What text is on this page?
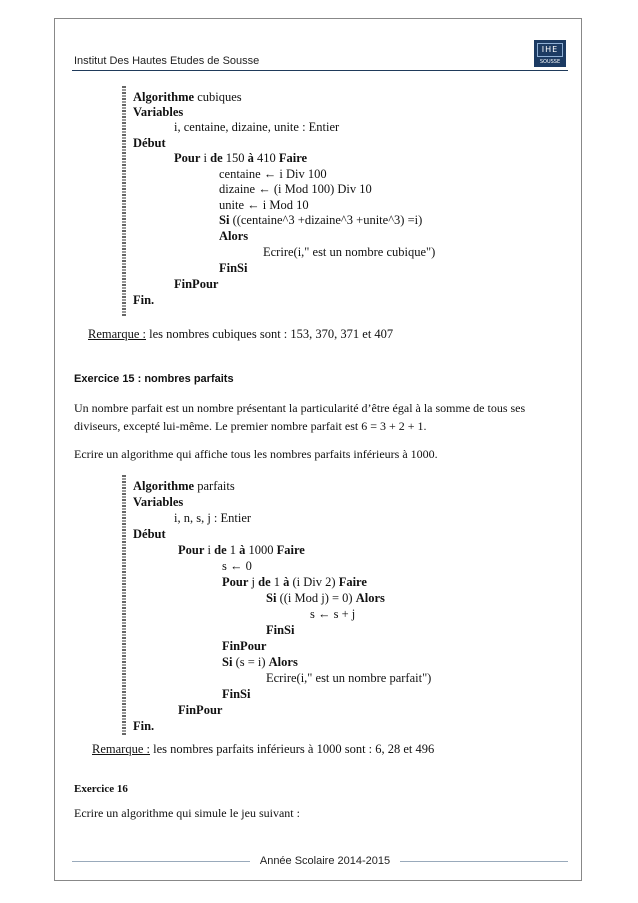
Institut Des Hautes Etudes de Sousse
IHE
SOUSSE
Algorithme cubiques
Variables
i, centaine, dizaine, unite : Entier
Début
Pour i de 150 à 410 Faire
centaine ← i Div 100
dizaine ← (i Mod 100) Div 10
unite ← i Mod 10
Si ((centaine^3 +dizaine^3 +unite^3) =i)
Alors
Ecrire(i," est un nombre cubique")
FinSi
FinPour
Fin.
Remarque : les nombres cubiques sont : 153, 370, 371 et 407
Exercice 15 : nombres parfaits
Un nombre parfait est un nombre présentant la particularité d’être égal à la somme de tous ses diviseurs, excepté lui-même. Le premier nombre parfait est 6 = 3 + 2 + 1.
Ecrire un algorithme qui affiche tous les nombres parfaits inférieurs à 1000.
Algorithme parfaits
Variables
i, n, s, j : Entier
Début
Pour i de 1 à 1000 Faire
s ← 0
Pour j de 1 à (i Div 2) Faire
Si ((i Mod j) = 0) Alors
s ← s + j
FinSi
FinPour
Si (s = i) Alors
Ecrire(i," est un nombre parfait")
FinSi
FinPour
Fin.
Remarque : les nombres parfaits inférieurs à 1000 sont : 6, 28 et 496
Exercice 16
Ecrire un algorithme qui simule le jeu suivant :
Année Scolaire 2014-2015
